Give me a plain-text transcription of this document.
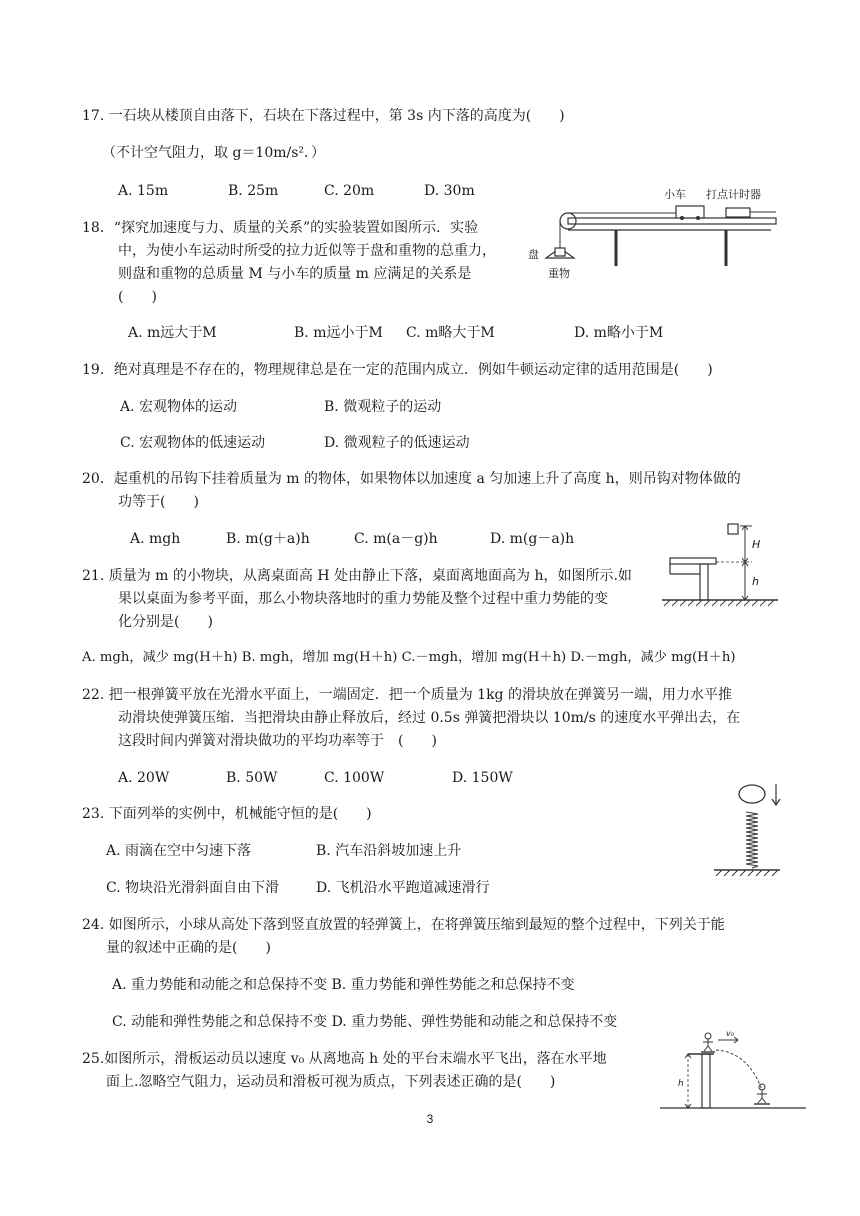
17. 一石块从楼顶自由落下，石块在下落过程中，第 3s 内下落的高度为(　　)
（不计空气阻力，取 g＝10m/s²．）
A. 15m	B. 25m	C. 20m	D. 30m
18．“探究加速度与力、质量的关系”的实验装置如图所示．实验
中，为使小车运动时所受的拉力近似等于盘和重物的总重力，
则盘和重物的总质量 M 与小车的质量 m 应满足的关系是
(　　)
A. m远大于M	B. m远小于M C. m略大于M	D. m略小于M
小车 打点计时器
盘
重物
19．绝对真理是不存在的，物理规律总是在一定的范围内成立．例如牛顿运动定律的适用范围是(　　)
A. 宏观物体的运动	B. 微观粒子的运动
C. 宏观物体的低速运动	D. 微观粒子的低速运动
20．起重机的吊钩下挂着质量为 m 的物体，如果物体以加速度 a 匀加速上升了高度 h，则吊钩对物体做的
功等于(　　)
A. mgh	B. m(g＋a)h	C. m(a－g)h	D. m(g－a)h	H
h
21. 质量为 m 的小物块，从离桌面高 H 处由静止下落，桌面离地面高为 h，如图所示.如
果以桌面为参考平面，那么小物块落地时的重力势能及整个过程中重力势能的变
化分别是(　　)
A. mgh，减少 mg(H＋h) B. mgh，增加 mg(H＋h) C.－mgh，增加 mg(H＋h) D.－mgh，减少 mg(H＋h)
22. 把一根弹簧平放在光滑水平面上，一端固定．把一个质量为 1kg 的滑块放在弹簧另一端，用力水平推
动滑块使弹簧压缩．当把滑块由静止释放后，经过 0.5s 弹簧把滑块以 10m/s 的速度水平弹出去，在
这段时间内弹簧对滑块做功的平均功率等于　(　　)
A. 20W	B. 50W	C. 100W	D. 150W
23. 下面列举的实例中，机械能守恒的是(　　)
A. 雨滴在空中匀速下落	B. 汽车沿斜坡加速上升
C. 物块沿光滑斜面自由下滑	D. 飞机沿水平跑道减速滑行
24. 如图所示，小球从高处下落到竖直放置的轻弹簧上，在将弹簧压缩到最短的整个过程中，下列关于能
量的叙述中正确的是(　　)
A. 重力势能和动能之和总保持不变 B. 重力势能和弹性势能之和总保持不变
C. 动能和弹性势能之和总保持不变 D. 重力势能、弹性势能和动能之和总保持不变
25.如图所示，滑板运动员以速度 v₀ 从离地高 h 处的平台末端水平飞出，落在水平地
面上.忽略空气阻力，运动员和滑板可视为质点，下列表述正确的是(　　)
v₀
h
3
